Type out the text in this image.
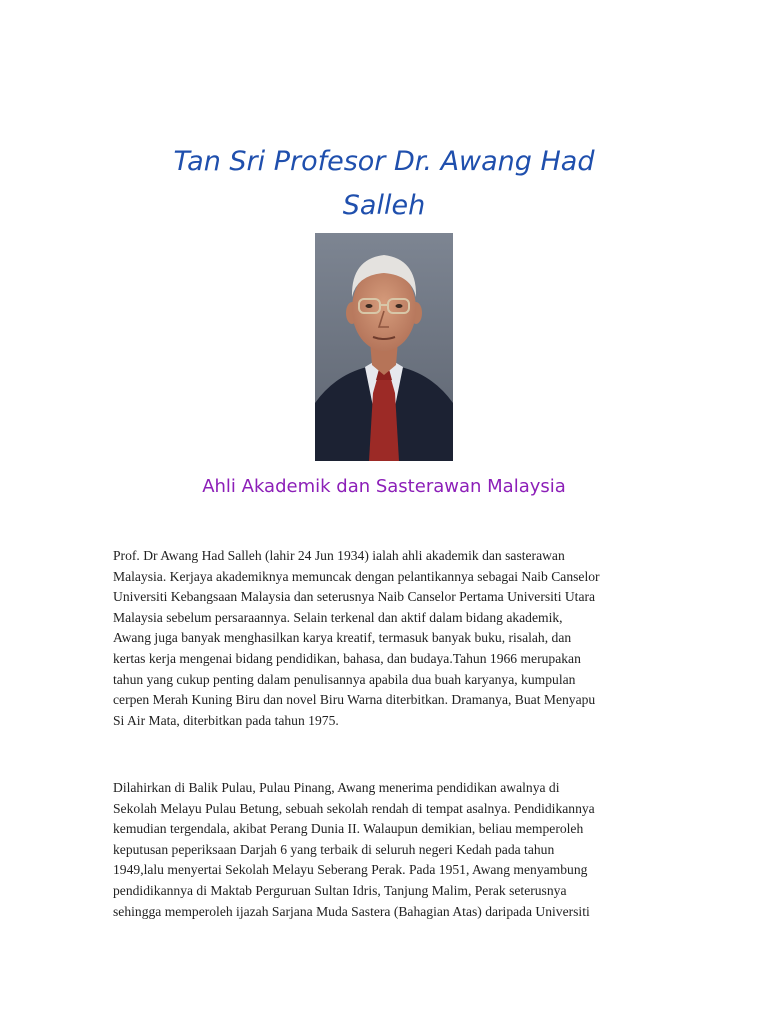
Tan Sri Profesor Dr. Awang Had
Salleh
Ahli Akademik dan Sasterawan Malaysia

Prof. Dr Awang Had Salleh (lahir 24 Jun 1934) ialah ahli akademik dan sasterawan
Malaysia. Kerjaya akademiknya memuncak dengan pelantikannya sebagai Naib Canselor
Universiti Kebangsaan Malaysia dan seterusnya Naib Canselor Pertama Universiti Utara
Malaysia sebelum persaraannya. Selain terkenal dan aktif dalam bidang akademik,
Awang juga banyak menghasilkan karya kreatif, termasuk banyak buku, risalah, dan
kertas kerja mengenai bidang pendidikan, bahasa, dan budaya.Tahun 1966 merupakan
tahun yang cukup penting dalam penulisannya apabila dua buah karyanya, kumpulan
cerpen Merah Kuning Biru dan novel Biru Warna diterbitkan. Dramanya, Buat Menyapu
Si Air Mata, diterbitkan pada tahun 1975.

Dilahirkan di Balik Pulau, Pulau Pinang, Awang menerima pendidikan awalnya di
Sekolah Melayu Pulau Betung, sebuah sekolah rendah di tempat asalnya. Pendidikannya
kemudian tergendala, akibat Perang Dunia II. Walaupun demikian, beliau memperoleh
keputusan peperiksaan Darjah 6 yang terbaik di seluruh negeri Kedah pada tahun
1949,lalu menyertai Sekolah Melayu Seberang Perak. Pada 1951, Awang menyambung
pendidikannya di Maktab Perguruan Sultan Idris, Tanjung Malim, Perak seterusnya
sehingga memperoleh ijazah Sarjana Muda Sastera (Bahagian Atas) daripada Universiti
